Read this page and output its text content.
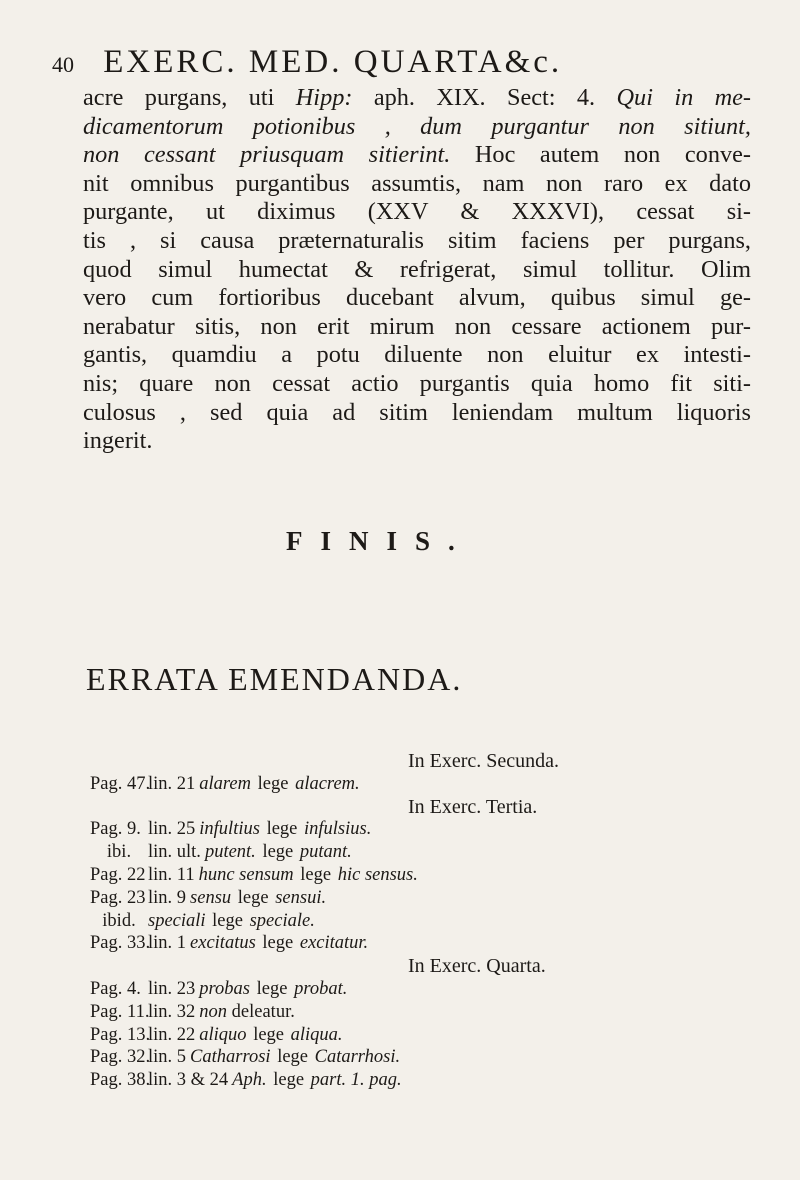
40 EXERC. MED. QUARTA&c.
acre purgans, uti Hipp: aph. XIX. Sect: 4. Qui in me-
dicamentorum potionibus , dum purgantur non sitiunt,
non cessant priusquam sitierint. Hoc autem non conve-
nit omnibus purgantibus assumtis, nam non raro ex dato
purgante, ut diximus (XXV & XXXVI), cessat si-
tis , si causa præternaturalis sitim faciens per purgans,
quod simul humectat & refrigerat, simul tollitur. Olim
vero cum fortioribus ducebant alvum, quibus simul ge-
nerabatur sitis, non erit mirum non cessare actionem pur-
gantis, quamdiu a potu diluente non eluitur ex intesti-
nis; quare non cessat actio purgantis quia homo fit siti-
culosus , sed quia ad sitim leniendam multum liquoris
ingerit.
FINIS.
ERRATA EMENDANDA.
In Exerc. Secunda.
Pag. 47.lin. 21 alarem lege alacrem.
In Exerc. Tertia.
Pag. 9. lin. 25 infultius lege infulsius.
ibi. lin. ult. putent. lege putant.
Pag. 22 lin. 11 hunc sensum lege hic sensus.
Pag. 23 lin. 9 sensu lege sensui.
ibid. speciali lege speciale.
Pag. 33.lin. 1 excitatus lege excitatur.
In Exerc. Quarta.
Pag. 4. lin. 23 probas lege probat.
Pag. 11.lin. 32 non deleatur.
Pag. 13.lin. 22 aliquo lege aliqua.
Pag. 32.lin. 5 Catharrosi lege Catarrhosi.
Pag. 38.lin. 3 & 24 Aph. lege part. 1. pag.
